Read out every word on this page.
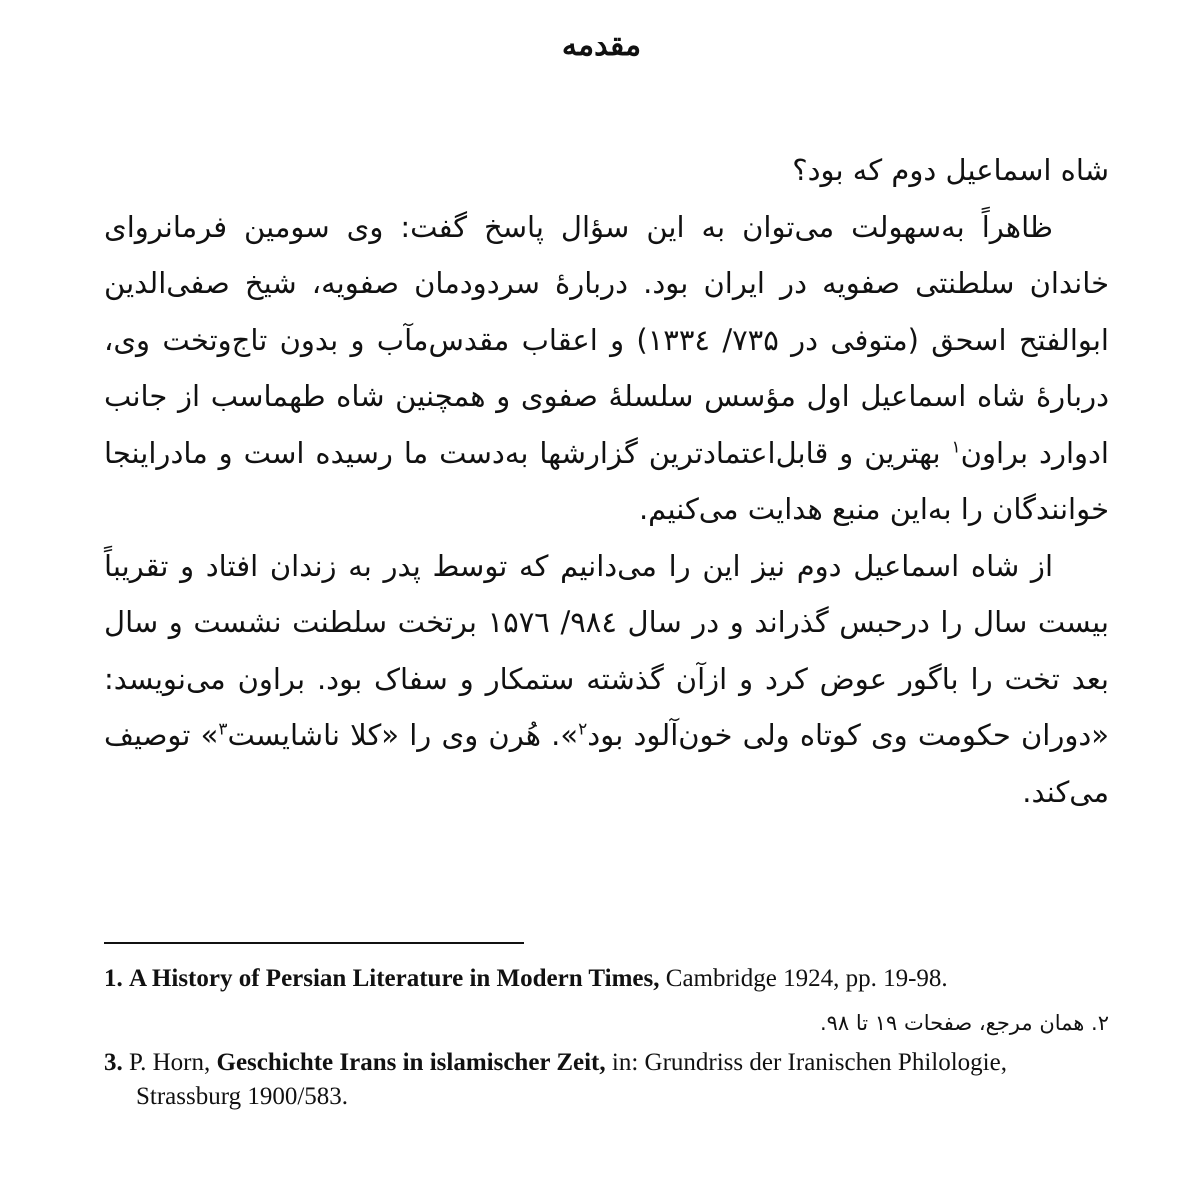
مقدمه

شاه اسماعیل دوم که بود؟

ظاهراً به‌سهولت می‌توان به این سؤال پاسخ گفت: وی سومین فرمانروای خاندان سلطنتی صفویه در ایران بود. دربارهٔ سردودمان صفویه، شیخ صفی‌الدین ابوالفتح اسحق (متوفی در ۷۳۵/ ۱۳۳٤) و اعقاب مقدس‌مآب و بدون تاج‌وتخت وی، دربارهٔ شاه اسماعیل اول مؤسس سلسلهٔ صفوی و همچنین شاه طهماسب از جانب ادوارد براون$^۱$ بهترین و قابل‌اعتمادترین گزارشها به‌دست ما رسیده است و مادراینجا خوانندگان را به‌این منبع هدایت می‌کنیم.

از شاه اسماعیل دوم نیز این را می‌دانیم که توسط پدر به زندان افتاد و تقریباً بیست سال را درحبس گذراند و در سال ۹۸٤/ ۱۵۷٦ برتخت سلطنت نشست و سال بعد تخت را باگور عوض کرد و ازآن گذشته ستمکار و سفاک بود. براون می‌نویسد: «دوران حکومت وی کوتاه ولی خون‌آلود بود$^۲$». هُرن وی را «کلا ناشایست$^۳$» توصیف می‌کند.

1. A History of Persian Literature in Modern Times, Cambridge 1924, pp. 19-98.

۲. همان مرجع، صفحات ۱۹ تا ۹۸.

3. P. Horn, Geschichte Irans in islamischer Zeit, in: Grundriss der Iranischen Philologie, Strassburg 1900/583.
